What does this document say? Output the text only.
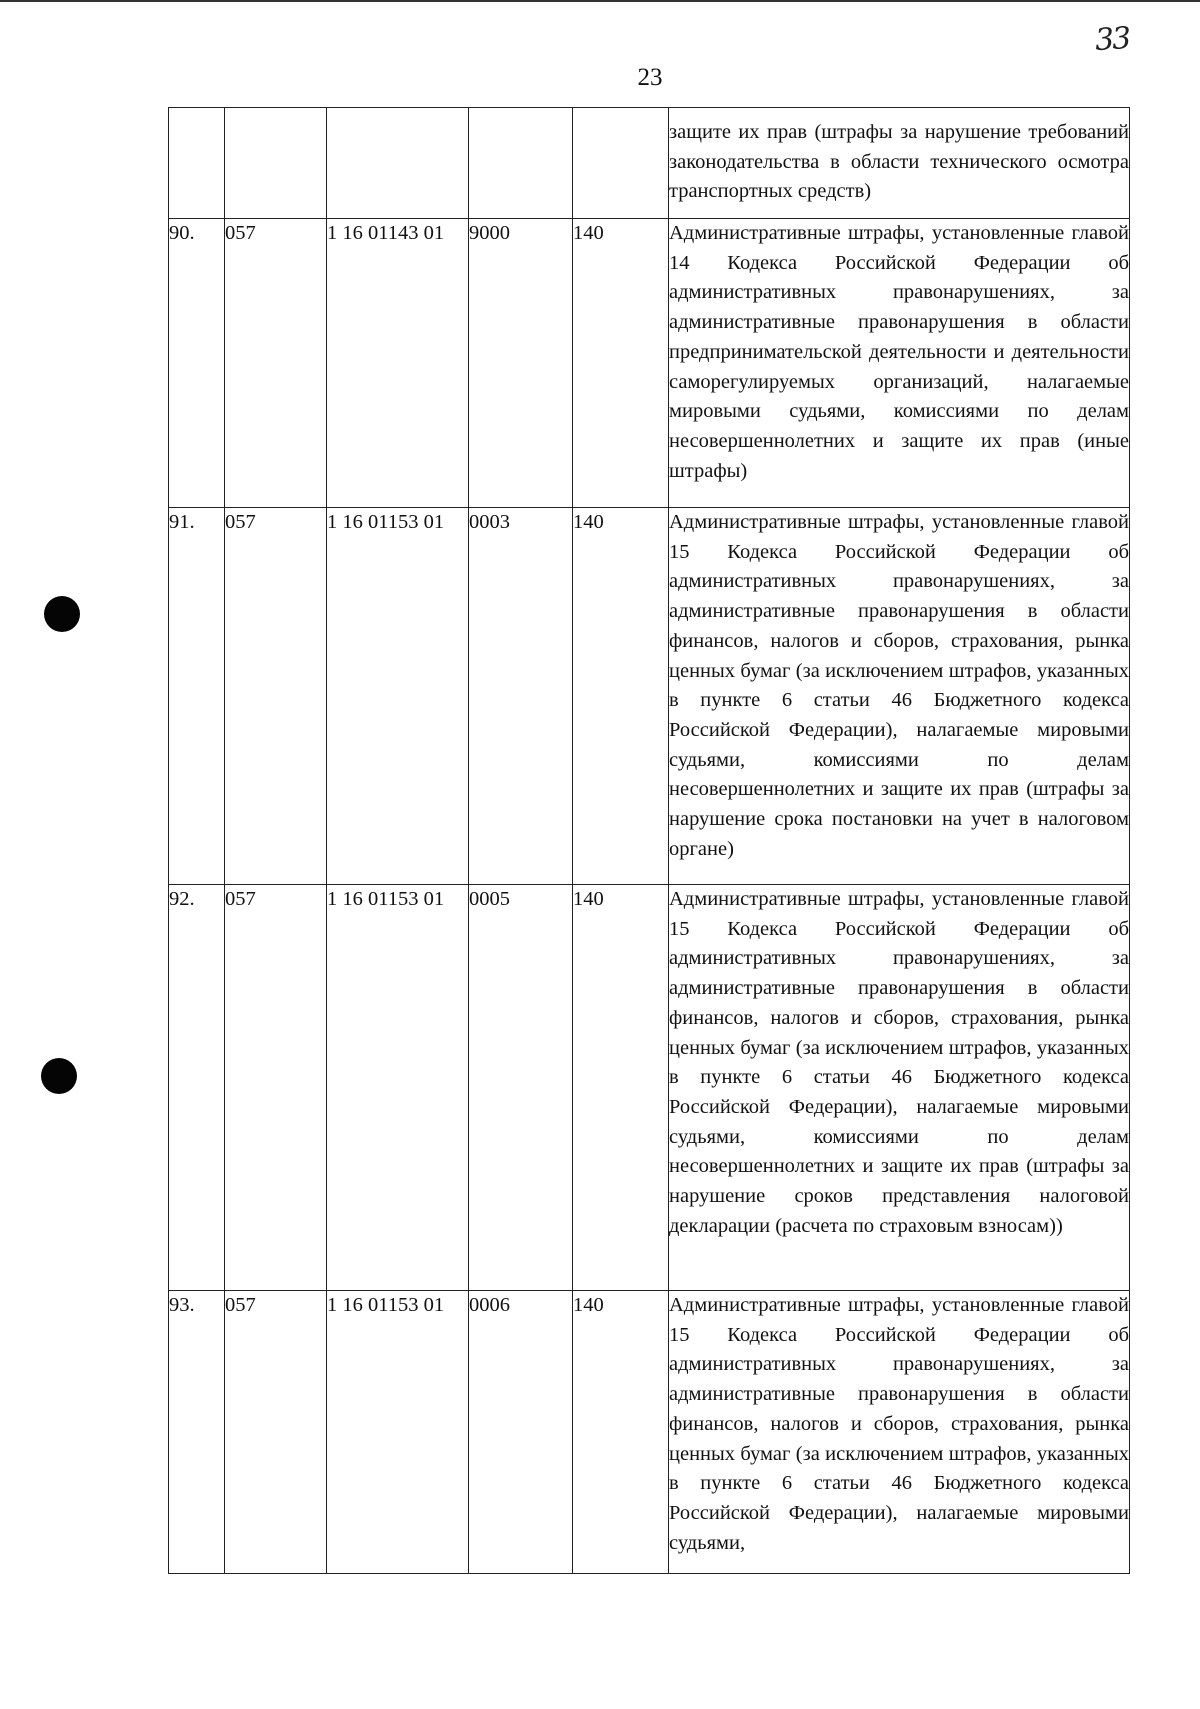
33
23
					защите их прав (штрафы за нарушение требований законодательства в области технического осмотра транспортных средств)
90.	057	1 16 01143 01	9000	140	Административные штрафы, установленные главой 14 Кодекса Российской Федерации об административных правонарушениях, за административные правонарушения в области предпринимательской деятельности и деятельности саморегулируемых организаций, налагаемые мировыми судьями, комиссиями по делам несовершеннолетних и защите их прав (иные штрафы)
91.	057	1 16 01153 01	0003	140	Административные штрафы, установленные главой 15 Кодекса Российской Федерации об административных правонарушениях, за административные правонарушения в области финансов, налогов и сборов, страхования, рынка ценных бумаг (за исключением штрафов, указанных в пункте 6 статьи 46 Бюджетного кодекса Российской Федерации), налагаемые мировыми судьями, комиссиями по делам несовершеннолетних и защите их прав (штрафы за нарушение срока постановки на учет в налоговом органе)
92.	057	1 16 01153 01	0005	140	Административные штрафы, установленные главой 15 Кодекса Российской Федерации об административных правонарушениях, за административные правонарушения в области финансов, налогов и сборов, страхования, рынка ценных бумаг (за исключением штрафов, указанных в пункте 6 статьи 46 Бюджетного кодекса Российской Федерации), налагаемые мировыми судьями, комиссиями по делам несовершеннолетних и защите их прав (штрафы за нарушение сроков представления налоговой декларации (расчета по страховым взносам))
93.	057	1 16 01153 01	0006	140	Административные штрафы, установленные главой 15 Кодекса Российской Федерации об административных правонарушениях, за административные правонарушения в области финансов, налогов и сборов, страхования, рынка ценных бумаг (за исключением штрафов, указанных в пункте 6 статьи 46 Бюджетного кодекса Российской Федерации), налагаемые мировыми судьями,
